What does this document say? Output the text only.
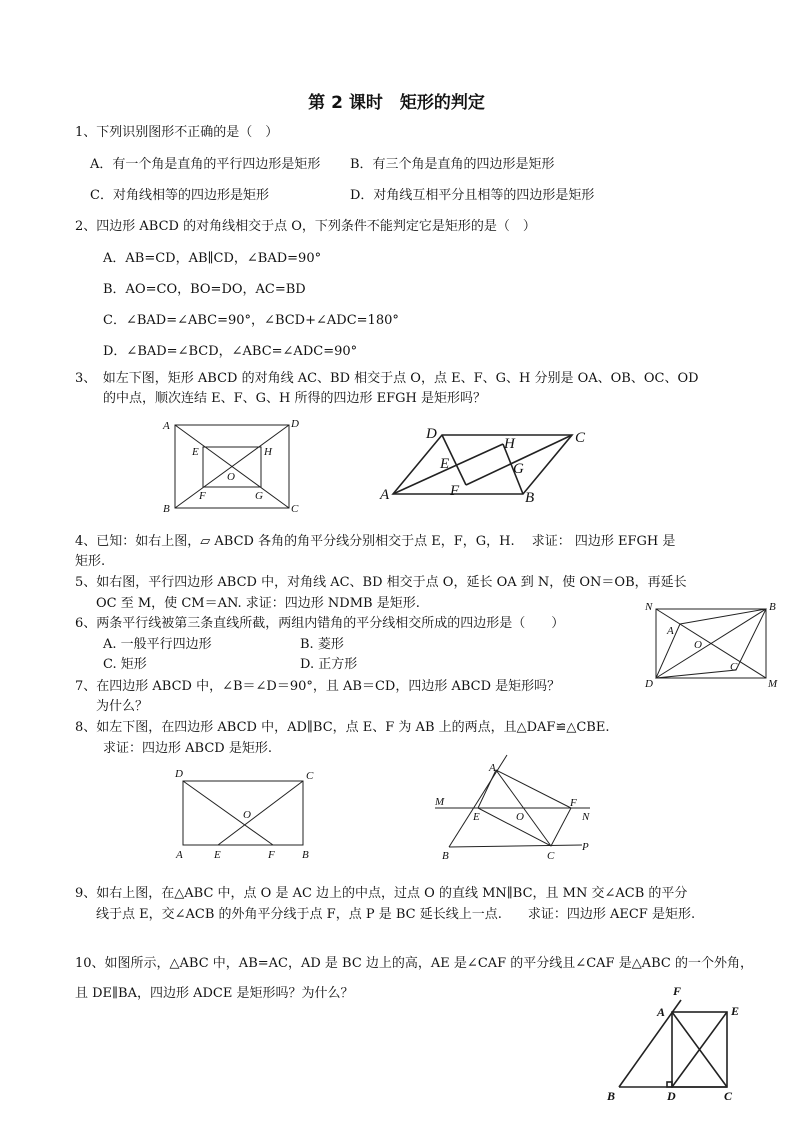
第 2 课时　矩形的判定
1、下列识别图形不正确的是（　）
A．有一个角是直角的平行四边形是矩形 B．有三个角是直角的四边形是矩形
C．对角线相等的四边形是矩形	D．对角线互相平分且相等的四边形是矩形
2、四边形 ABCD 的对角线相交于点 O，下列条件不能判定它是矩形的是（　）
A．AB=CD，AB∥CD，∠BAD=90°
B．AO=CO，BO=DO，AC=BD
C．∠BAD=∠ABC=90°，∠BCD+∠ADC=180°
D．∠BAD=∠BCD，∠ABC=∠ADC=90°
3、　如左下图，矩形 ABCD 的对角线 AC、BD 相交于点 O，点 E、F、G、H 分别是 OA、OB、OC、OD
的中点，顺次连结 E、F、G、H 所得的四边形 EFGH 是矩形吗？
A	D
E	H
O
F	G
B	C
D	C
H
E	G
A	F	B
4、已知：如右上图，▱ ABCD 各角的角平分线分别相交于点 E，F，G，H.　 求证： 四边形 EFGH 是
矩形.
5、如右图，平行四边形 ABCD 中，对角线 AC、BD 相交于点 O，延长 OA 到 N，使 ON＝OB，再延长
OC 至 M，使 CM＝AN. 求证：四边形 NDMB 是矩形.	N	B
A
O
C
D	M
6、两条平行线被第三条直线所截，两组内错角的平分线相交所成的四边形是（　　）
A. 一般平行四边形	B. 菱形
C. 矩形	D. 正方形
7、在四边形 ABCD 中，∠B＝∠D＝90°，且 AB＝CD，四边形 ABCD 是矩形吗？
为什么？
8、如左下图，在四边形 ABCD 中，AD∥BC，点 E、F 为 AB 上的两点，且△DAF≌△CBE.
求证：四边形 ABCD 是矩形.
D	C
O
A	E	F B
A
M
E	O
F
N
B	C
P
9、如右上图，在△ABC 中，点 O 是 AC 边上的中点，过点 O 的直线 MN∥BC，且 MN 交∠ACB 的平分
线于点 E，交∠ACB 的外角平分线于点 F，点 P 是 BC 延长线上一点.　　求证：四边形 AECF 是矩形.
10、如图所示，△ABC 中，AB=AC，AD 是 BC 边上的高，AE 是∠CAF 的平分线且∠CAF 是△ABC 的一个外角，
且 DE∥BA，四边形 ADCE 是矩形吗？为什么？	F
A	E
B	D	C
